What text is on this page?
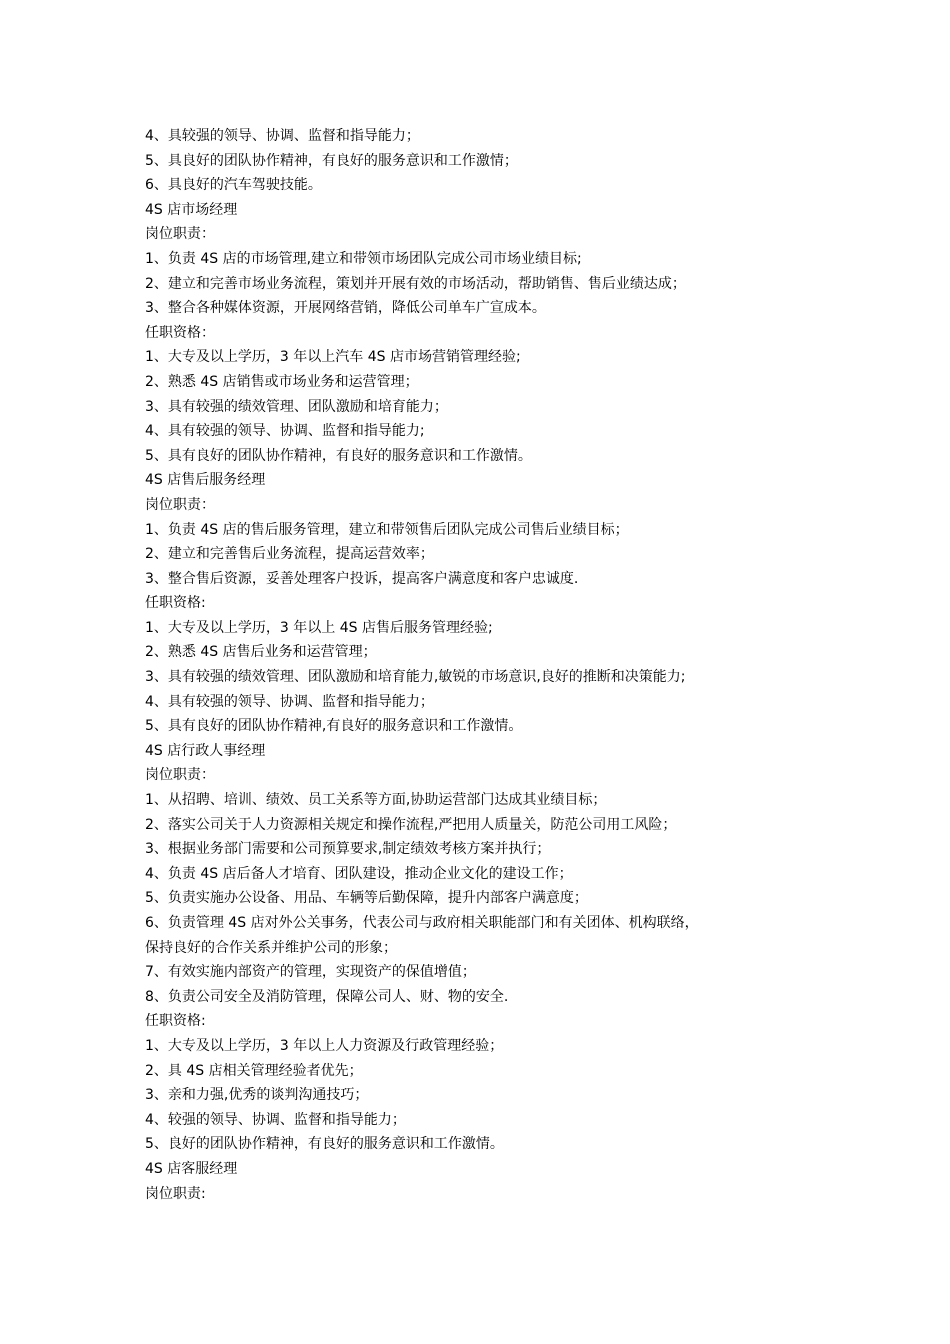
4、具较强的领导、协调、监督和指导能力；

5、具良好的团队协作精神，有良好的服务意识和工作激情；

6、具良好的汽车驾驶技能。

4S 店市场经理

岗位职责：

1、负责 4S 店的市场管理,建立和带领市场团队完成公司市场业绩目标;

2、建立和完善市场业务流程，策划并开展有效的市场活动，帮助销售、售后业绩达成；

3、整合各种媒体资源，开展网络营销，降低公司单车广宣成本。

任职资格：

1、大专及以上学历，3 年以上汽车 4S 店市场营销管理经验;

2、熟悉 4S 店销售或市场业务和运营管理；

3、具有较强的绩效管理、团队激励和培育能力；

4、具有较强的领导、协调、监督和指导能力;

5、具有良好的团队协作精神，有良好的服务意识和工作激情。

4S 店售后服务经理

岗位职责：

1、负责 4S 店的售后服务管理，建立和带领售后团队完成公司售后业绩目标；

2、建立和完善售后业务流程，提高运营效率；

3、整合售后资源，妥善处理客户投诉，提高客户满意度和客户忠诚度.

任职资格:

1、大专及以上学历，3 年以上 4S 店售后服务管理经验;

2、熟悉 4S 店售后业务和运营管理；

3、具有较强的绩效管理、团队激励和培育能力,敏锐的市场意识,良好的推断和决策能力;

4、具有较强的领导、协调、监督和指导能力；

5、具有良好的团队协作精神,有良好的服务意识和工作激情。

4S 店行政人事经理

岗位职责：

1、从招聘、培训、绩效、员工关系等方面,协助运营部门达成其业绩目标；

2、落实公司关于人力资源相关规定和操作流程,严把用人质量关，防范公司用工风险；

3、根据业务部门需要和公司预算要求,制定绩效考核方案并执行；

4、负责 4S 店后备人才培育、团队建设，推动企业文化的建设工作；

5、负责实施办公设备、用品、车辆等后勤保障，提升内部客户满意度；

6、负责管理 4S 店对外公关事务，代表公司与政府相关职能部门和有关团体、机构联络，

保持良好的合作关系并维护公司的形象；

7、有效实施内部资产的管理，实现资产的保值增值；

8、负责公司安全及消防管理，保障公司人、财、物的安全.

任职资格:

1、大专及以上学历，3 年以上人力资源及行政管理经验；

2、具 4S 店相关管理经验者优先；

3、亲和力强,优秀的谈判沟通技巧；

4、较强的领导、协调、监督和指导能力；

5、良好的团队协作精神，有良好的服务意识和工作激情。

4S 店客服经理

岗位职责:
